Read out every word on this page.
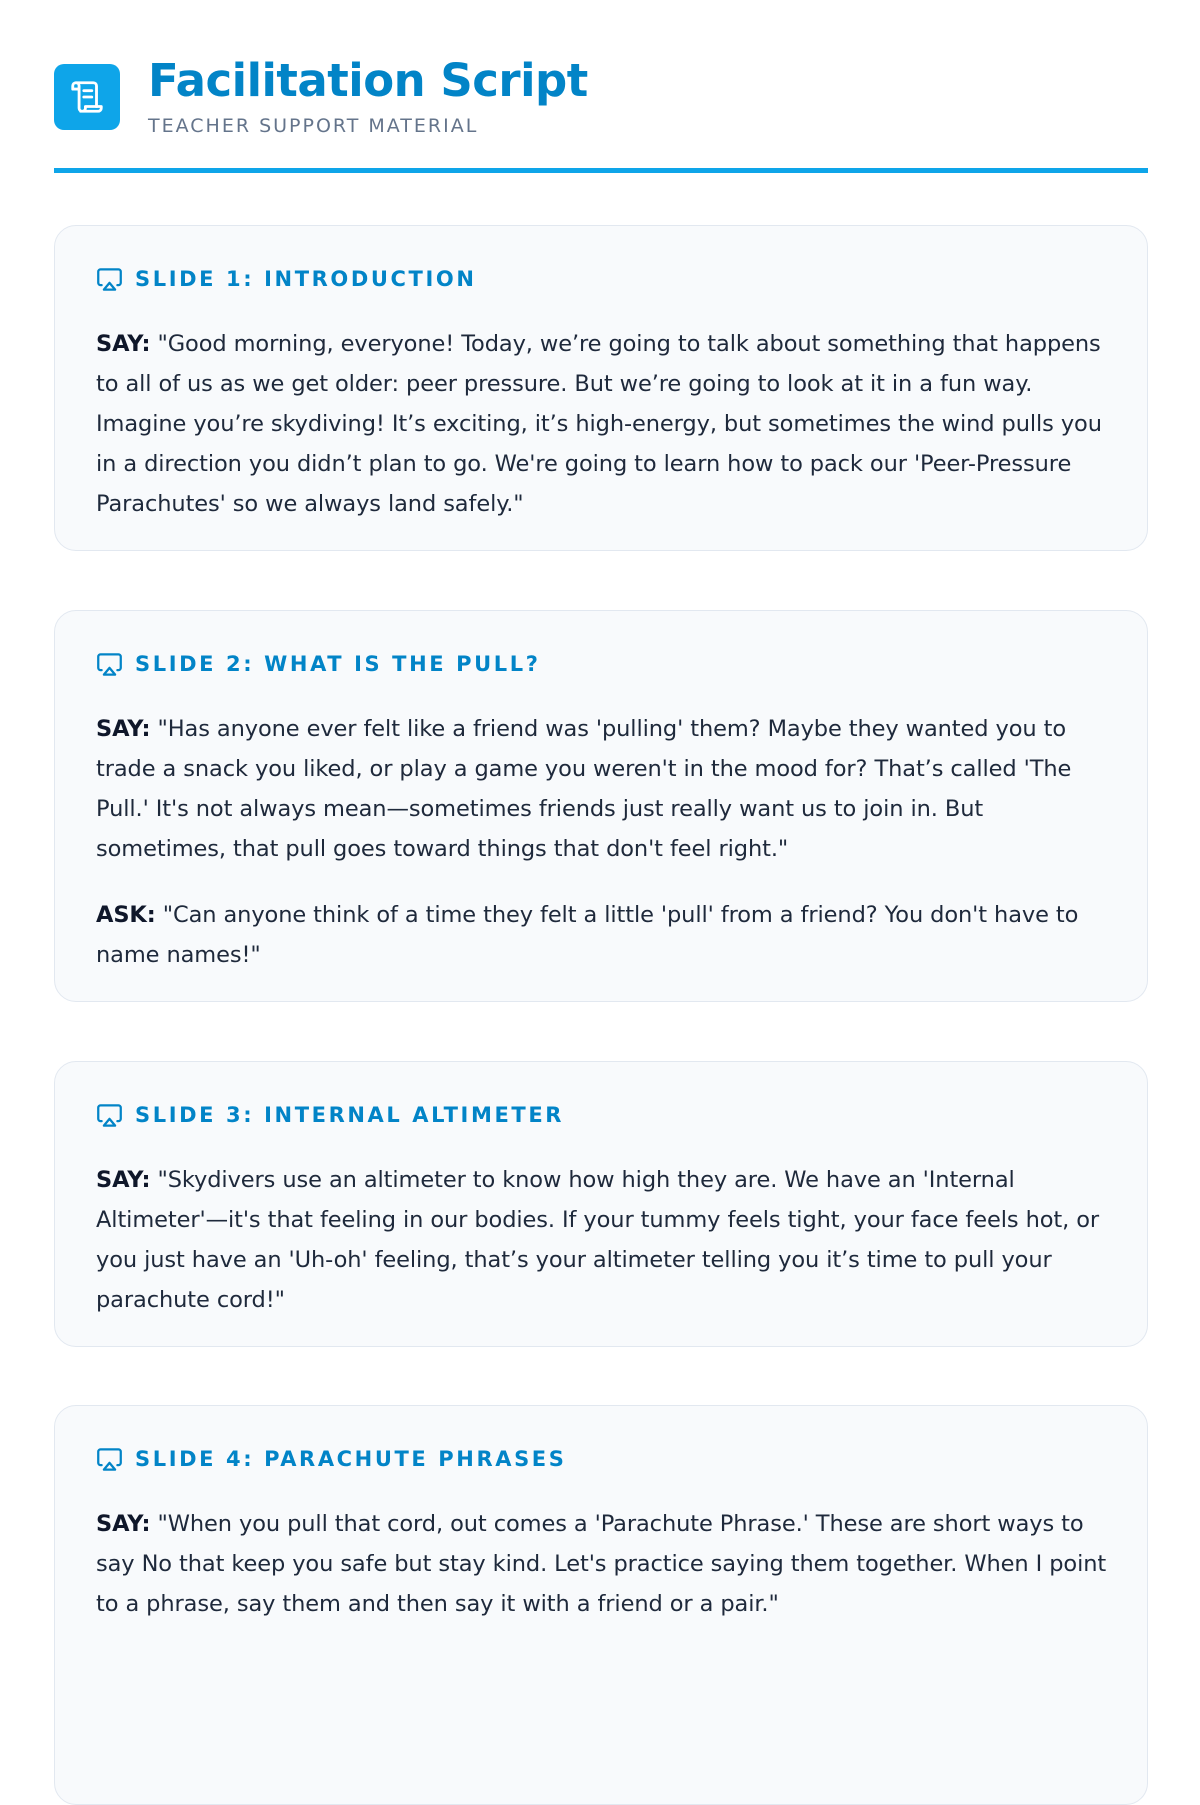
Facilitation Script
TEACHER SUPPORT MATERIAL
SLIDE 1: INTRODUCTION

SAY: "Good morning, everyone! Today, we’re going to talk about something that happens to all of us as we get older: peer pressure. But we’re going to look at it in a fun way. Imagine you’re skydiving! It’s exciting, it’s high-energy, but sometimes the wind pulls you in a direction you didn’t plan to go. We're going to learn how to pack our 'Peer-Pressure Parachutes' so we always land safely."

SLIDE 2: WHAT IS THE PULL?

SAY: "Has anyone ever felt like a friend was 'pulling' them? Maybe they wanted you to trade a snack you liked, or play a game you weren't in the mood for? That’s called 'The Pull.' It's not always mean—sometimes friends just really want us to join in. But sometimes, that pull goes toward things that don't feel right."

ASK: "Can anyone think of a time they felt a little 'pull' from a friend? You don't have to name names!"

SLIDE 3: INTERNAL ALTIMETER

SAY: "Skydivers use an altimeter to know how high they are. We have an 'Internal Altimeter'—it's that feeling in our bodies. If your tummy feels tight, your face feels hot, or you just have an 'Uh-oh' feeling, that’s your altimeter telling you it’s time to pull your parachute cord!"

SLIDE 4: PARACHUTE PHRASES

SAY: "When you pull that cord, out comes a 'Parachute Phrase.' These are short ways to say No that keep you safe but stay kind. Let's practice saying them together. When I point to a phrase, say them and then say it with a friend or a pair."
